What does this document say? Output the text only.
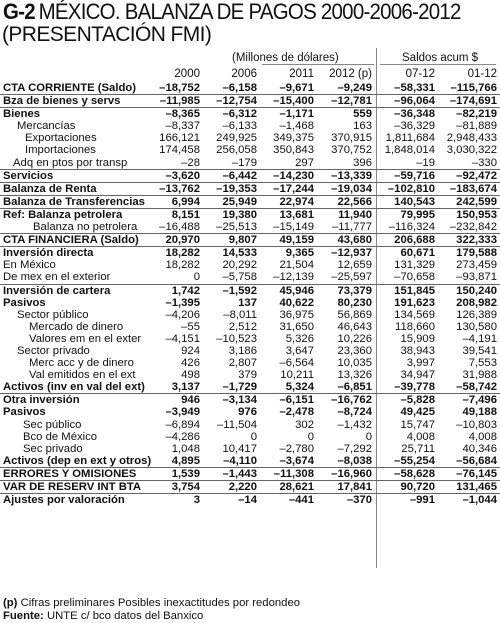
G-2 MÉXICO. BALANZA DE PAGOS 2000-2006-2012
(PRESENTACIÓN FMI)
(Millones de dólares)	Saldos acum $
2000	2006	2011 2012 (p)	07-12	01-12
CTA CORRIENTE (Saldo) –18,752 –6,158 –9,671 –9,249 –58,331 –115,766
Bza de bienes y servs	–11,985 –12,754 –15,400 –12,781 –96,064 –174,691
Bienes	–8,365 –6,312 –1,171	559 –36,348 –82,219
Mercancías	–8,337 –6,133 –1,468	163 –36,329 –81,889
Exportaciones	166,121 249,925 349,375 370,915 1,811,684 2,948,433
Importaciones	174,458 256,058 350,843 370,752 1,848,014 3,030,322
Adq en ptos por transp	–28	–179	297	396	–19	–330
Servicios	–3,620 –6,442 –14,230 –13,339 –59,716 –92,472
Balanza de Renta	–13,762 –19,353 –17,244 –19,034 –102,810 –183,674
Balanza de Transferencias 6,994 25,949 22,974 22,566 140,543 242,599
Ref: Balanza petrolera	8,151 19,380 13,681 11,940	79,995 150,953
Balanza no petrolera –16,488 –25,513 –15,149 –11,777 –116,324 –232,842
CTA FINANCIERA (Saldo) 20,970	9,807 49,159 43,680 206,688 322,333
Inversión directa	18,282 14,533	9,365 –12,937	60,671 179,588
En México	18,282 20,292 21,504 12,659 131,329 273,459
De mex en el exterior	0 –5,758 –12,139 –25,597 –70,658 –93,871
Inversión de cartera	1,742 –1,592 45,946 73,379 151,845 150,240
Pasivos	–1,395	137 40,622 80,230 191,623 208,982
Sector público	–4,206 –8,011 36,975 56,869 134,569 126,389
Mercado de dinero	–55	2,512 31,650 46,643 118,660 130,580
Valores em en el exter –4,151 –10,523	5,326 10,226	15,909 –4,191
Sector privado	924	3,186	3,647 23,360	38,943 39,541
Merc acc y de dinero	426	2,807 –6,564 10,035	3,997	7,553
Val emitidos en el ext	498	379 10,211 13,326	34,947 31,988
Activos (inv en val del ext) 3,137 –1,729	5,324 –6,851 –39,778 –58,742
Otra inversión	946 –3,134 –6,151 –16,762	–5,828 –7,496
Pasivos	–3,949	976 –2,478 –8,724	49,425 49,188
Sec público	–6,894 –11,504	302 –1,432	15,747 –10,803
Bco de México	–4,286	0	0	0	4,008	4,008
Sec privado	1,048 10,417 –2,780 –7,292	25,711 40,346
Activos (dep en ext y otros) 4,895 –4,110 –3,674 –8,038 –55,254 –56,684
ERRORES Y OMISIONES	1,539 –1,443 –11,308 –16,960 –58,628 –76,145
VAR DE RESERV INT BTA	3,754	2,220 28,621 17,841	90,720 131,465
Ajustes por valoración	3	–14	–441	–370	–991 –1,044
(p) Cifras preliminares Posibles inexactitudes por redondeo
Fuente: UNTE c/ bco datos del Banxico
